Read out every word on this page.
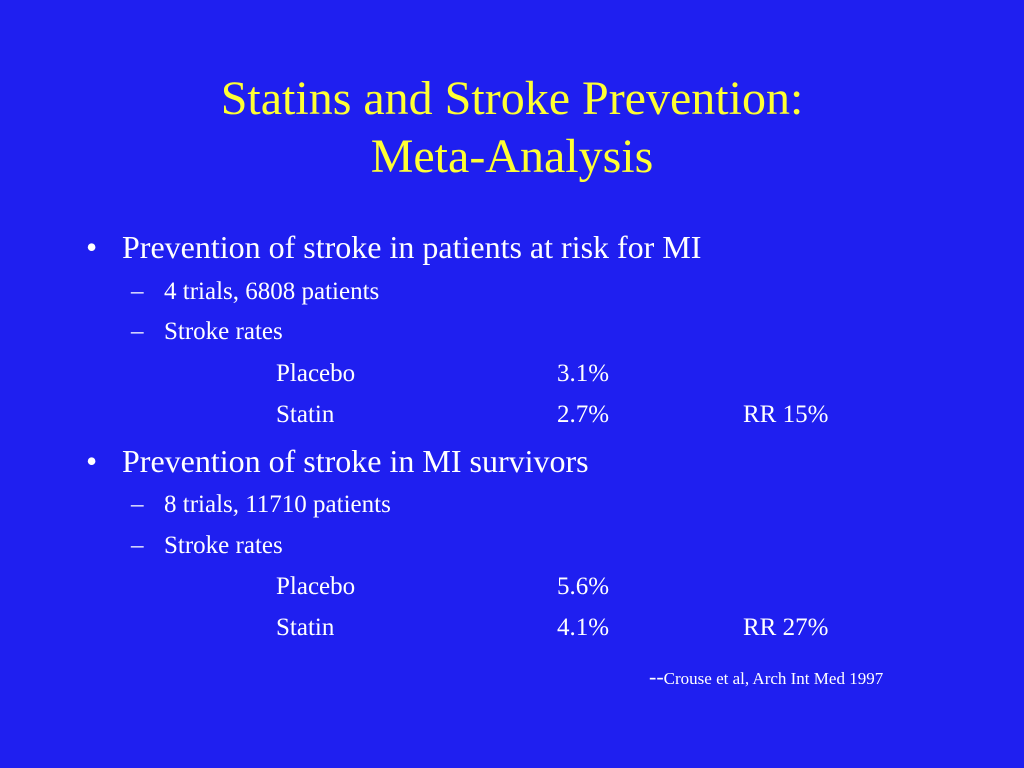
Statins and Stroke Prevention:
Meta-Analysis
• Prevention of stroke in patients at risk for MI
– 4 trials, 6808 patients
– Stroke rates
Placebo	3.1%
Statin	2.7%	RR 15%
• Prevention of stroke in MI survivors
– 8 trials, 11710 patients
– Stroke rates
Placebo	5.6%
Statin	4.1%	RR 27%
--Crouse et al, Arch Int Med 1997
